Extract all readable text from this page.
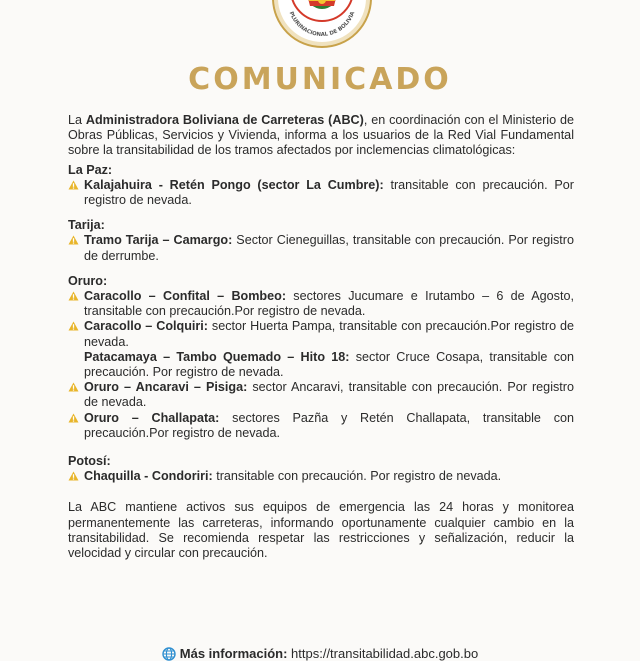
PLURINACIONAL DE BOLIVIA
COMUNICADO

La Administradora Boliviana de Carreteras (ABC), en coordinación con el Ministerio de Obras Públicas, Servicios y Vivienda, informa a los usuarios de la Red Vial Fundamental sobre la transitabilidad de los tramos afectados por inclemencias climatológicas:

La Paz:

Kalajahuira - Retén Pongo (sector La Cumbre): transitable con precaución. Por registro de nevada.

Tarija:

Tramo Tarija – Camargo: Sector Cieneguillas, transitable con precaución. Por registro de derrumbe.

Oruro:

Caracollo – Confital – Bombeo: sectores Jucumare e Irutambo – 6 de Agosto, transitable con precaución.Por registro de nevada.

Caracollo – Colquiri: sector Huerta Pampa, transitable con precaución.Por registro de nevada.

Patacamaya – Tambo Quemado – Hito 18: sector Cruce Cosapa, transitable con precaución. Por registro de nevada.

Oruro – Ancaravi – Pisiga: sector Ancaravi, transitable con precaución. Por registro de nevada.

Oruro – Challapata: sectores Pazña y Retén Challapata, transitable con precaución.Por registro de nevada.

Potosí:

Chaquilla - Condoriri: transitable con precaución. Por registro de nevada.

La ABC mantiene activos sus equipos de emergencia las 24 horas y monitorea permanentemente las carreteras, informando oportunamente cualquier cambio en la transitabilidad. Se recomienda respetar las restricciones y señalización, reducir la velocidad y circular con precaución.

Más información: https://transitabilidad.abc.gob.bo
